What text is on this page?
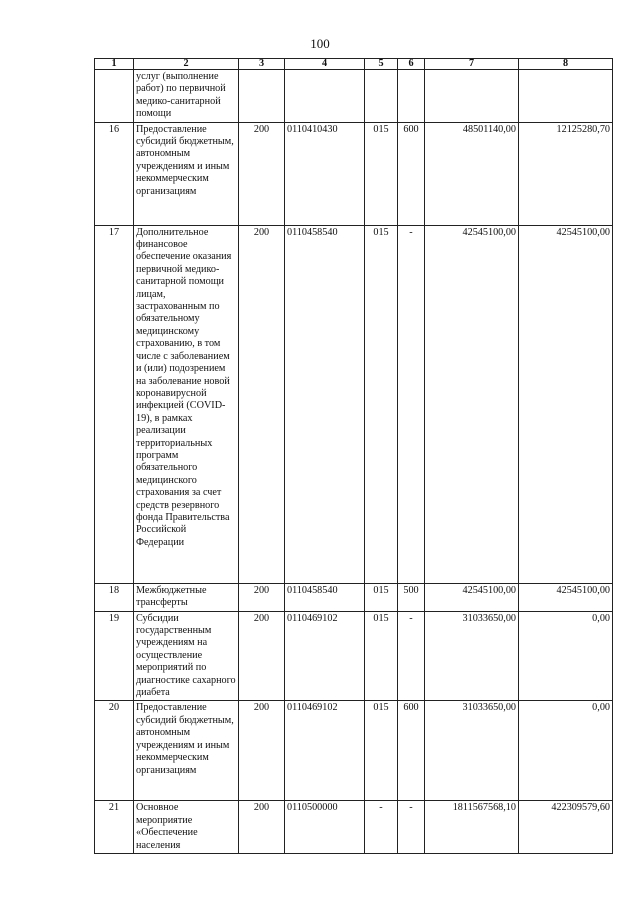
100
1	2	3	4	5	6	7	8
	услуг (выполнение работ) по первичной медико-санитарной помощи						
16	Предоставление субсидий бюджетным, автономным учреждениям и иным некоммерческим организациям	200	0110410430	015	600	48501140,00	12125280,70
17	Дополнительное финансовое обеспечение оказания первичной медико-санитарной помощи лицам, застрахованным по обязательному медицинскому страхованию, в том числе с заболеванием и (или) подозрением на заболевание новой коронавирусной инфекцией (COVID-19), в рамках реализации территориальных программ обязательного медицинского страхования за счет средств резервного фонда Правительства Российской Федерации	200	0110458540	015	-	42545100,00	42545100,00
18	Межбюджетные трансферты	200	0110458540	015	500	42545100,00	42545100,00
19	Субсидии государственным учреждениям на осуществление мероприятий по диагностике сахарного диабета	200	0110469102	015	-	31033650,00	0,00
20	Предоставление субсидий бюджетным, автономным учреждениям и иным некоммерческим организациям	200	0110469102	015	600	31033650,00	0,00
21	Основное мероприятие «Обеспечение населения	200	0110500000	-	-	1811567568,10	422309579,60
